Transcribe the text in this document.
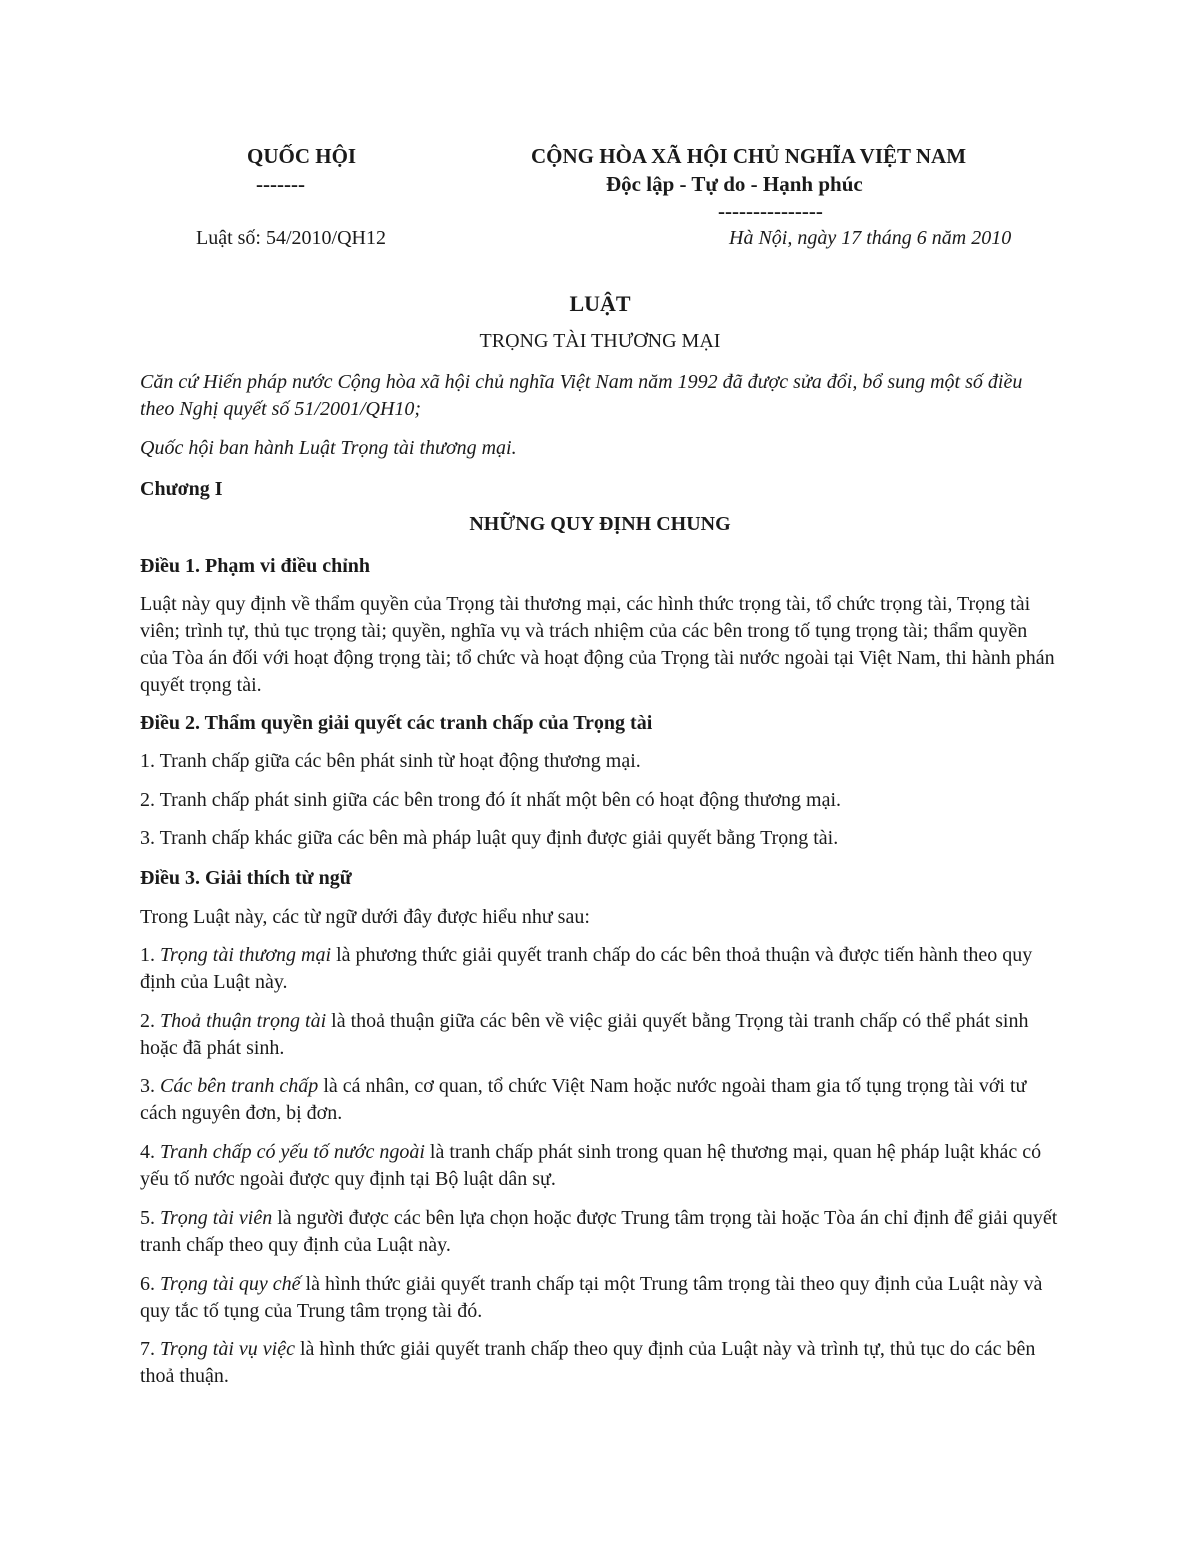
QUỐC HỘI
-------
CỘNG HÒA XÃ HỘI CHỦ NGHĨA VIỆT NAM
Độc lập - Tự do - Hạnh phúc
---------------
Luật số: 54/2010/QH12	Hà Nội, ngày 17 tháng 6 năm 2010
LUẬT
TRỌNG TÀI THƯƠNG MẠI

Căn cứ Hiến pháp nước Cộng hòa xã hội chủ nghĩa Việt Nam năm 1992 đã được sửa đổi, bổ sung một số điều theo Nghị quyết số 51/2001/QH10;

Quốc hội ban hành Luật Trọng tài thương mại.

Chương I

NHỮNG QUY ĐỊNH CHUNG

Điều 1. Phạm vi điều chỉnh

Luật này quy định về thẩm quyền của Trọng tài thương mại, các hình thức trọng tài, tổ chức trọng tài, Trọng tài viên; trình tự, thủ tục trọng tài; quyền, nghĩa vụ và trách nhiệm của các bên trong tố tụng trọng tài; thẩm quyền của Tòa án đối với hoạt động trọng tài; tổ chức và hoạt động của Trọng tài nước ngoài tại Việt Nam, thi hành phán quyết trọng tài.

Điều 2. Thẩm quyền giải quyết các tranh chấp của Trọng tài

1. Tranh chấp giữa các bên phát sinh từ hoạt động thương mại.

2. Tranh chấp phát sinh giữa các bên trong đó ít nhất một bên có hoạt động thương mại.

3. Tranh chấp khác giữa các bên mà pháp luật quy định được giải quyết bằng Trọng tài.

Điều 3. Giải thích từ ngữ

Trong Luật này, các từ ngữ dưới đây được hiểu như sau:

1. Trọng tài thương mại là phương thức giải quyết tranh chấp do các bên thoả thuận và được tiến hành theo quy định của Luật này.

2. Thoả thuận trọng tài là thoả thuận giữa các bên về việc giải quyết bằng Trọng tài tranh chấp có thể phát sinh hoặc đã phát sinh.

3. Các bên tranh chấp là cá nhân, cơ quan, tổ chức Việt Nam hoặc nước ngoài tham gia tố tụng trọng tài với tư cách nguyên đơn, bị đơn.

4. Tranh chấp có yếu tố nước ngoài là tranh chấp phát sinh trong quan hệ thương mại, quan hệ pháp luật khác có yếu tố nước ngoài được quy định tại Bộ luật dân sự.

5. Trọng tài viên là người được các bên lựa chọn hoặc được Trung tâm trọng tài hoặc Tòa án chỉ định để giải quyết tranh chấp theo quy định của Luật này.

6. Trọng tài quy chế là hình thức giải quyết tranh chấp tại một Trung tâm trọng tài theo quy định của Luật này và quy tắc tố tụng của Trung tâm trọng tài đó.

7. Trọng tài vụ việc là hình thức giải quyết tranh chấp theo quy định của Luật này và trình tự, thủ tục do các bên thoả thuận.
